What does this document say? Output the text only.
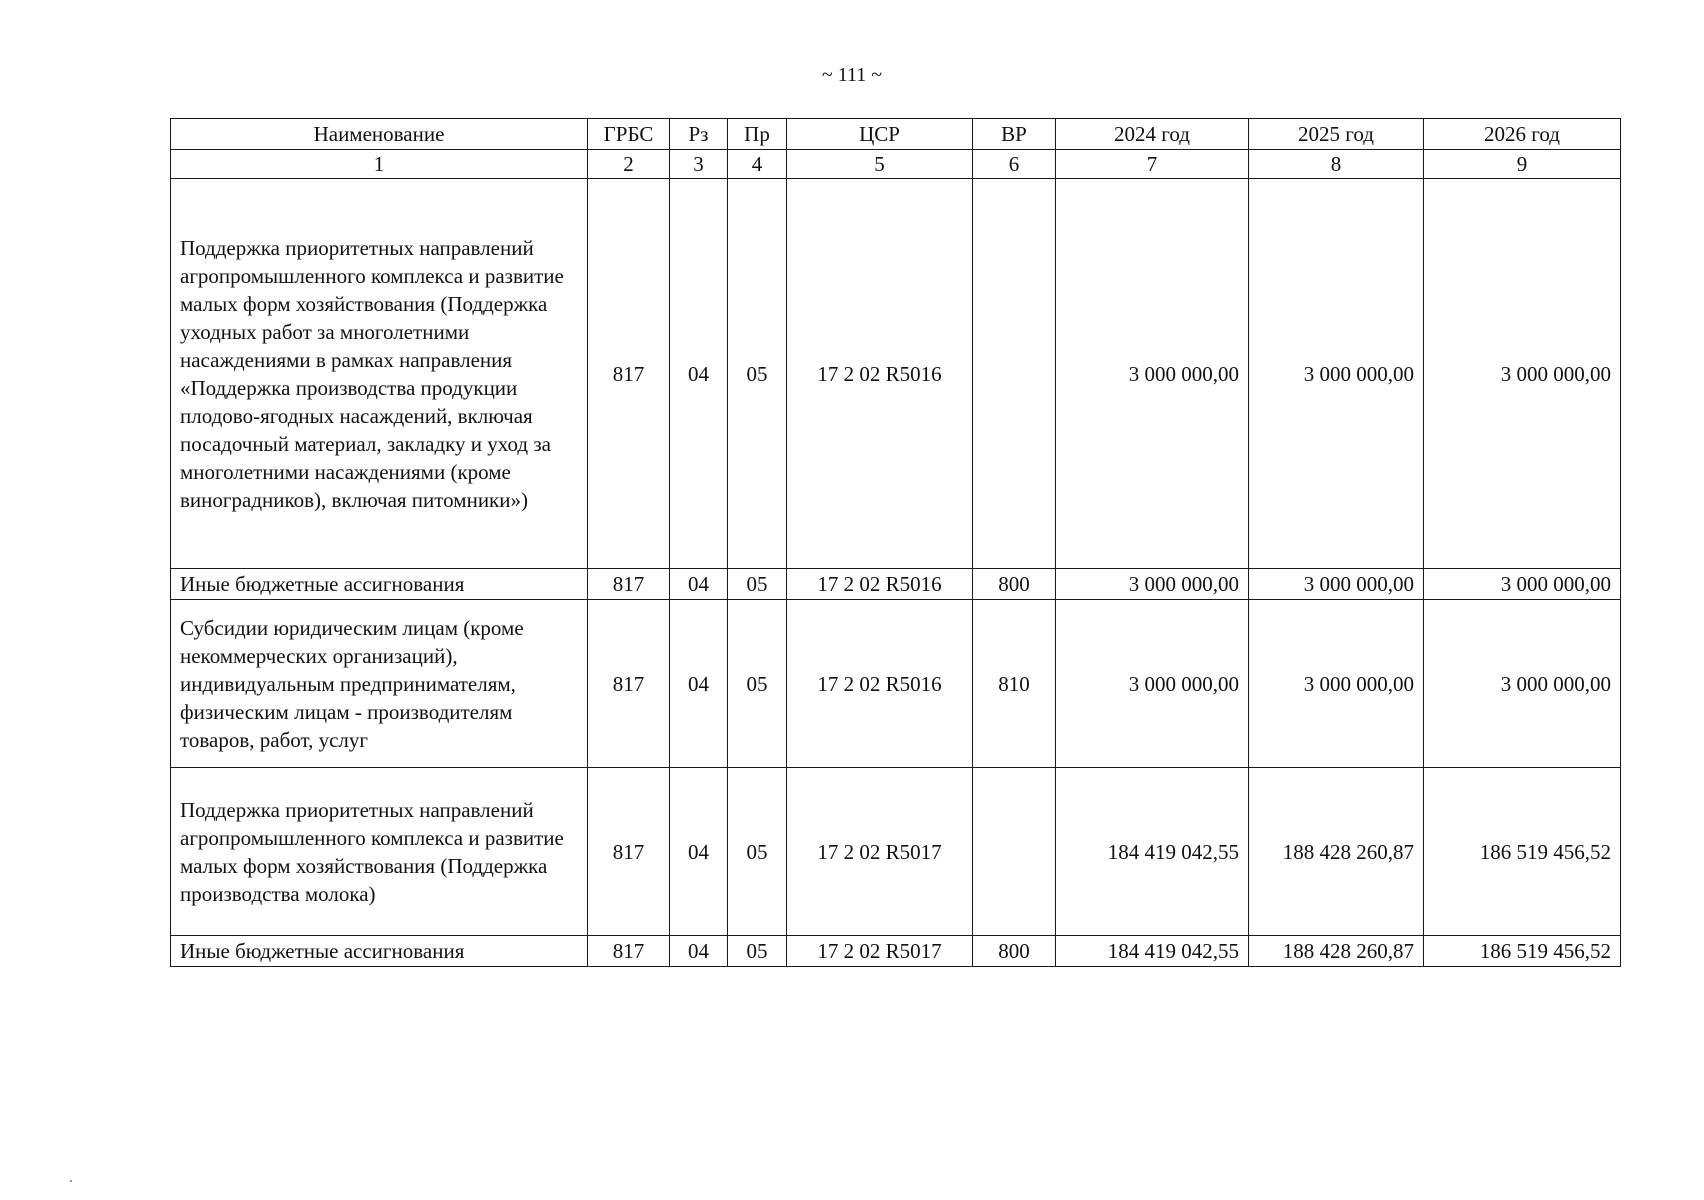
~ 111 ~
Наименование	ГРБС	Рз	Пр	ЦСР	ВР	2024 год	2025 год	2026 год
1	2	3	4	5	6	7	8	9
Поддержка приоритетных направлений агропромышленного комплекса и развитие малых форм хозяйствования (Поддержка уходных работ за многолетними насаждениями в рамках направления «Поддержка производства продукции плодово-ягодных насаждений, включая посадочный материал, закладку и уход за многолетними насаждениями (кроме виноградников), включая питомники»)	817	04	05	17 2 02 R5016		3 000 000,00	3 000 000,00	3 000 000,00
Иные бюджетные ассигнования	817	04	05	17 2 02 R5016	800	3 000 000,00	3 000 000,00	3 000 000,00
Субсидии юридическим лицам (кроме некоммерческих организаций), индивидуальным предпринимателям, физическим лицам - производителям товаров, работ, услуг	817	04	05	17 2 02 R5016	810	3 000 000,00	3 000 000,00	3 000 000,00
Поддержка приоритетных направлений агропромышленного комплекса и развитие малых форм хозяйствования (Поддержка производства молока)	817	04	05	17 2 02 R5017		184 419 042,55	188 428 260,87	186 519 456,52
Иные бюджетные ассигнования	817	04	05	17 2 02 R5017	800	184 419 042,55	188 428 260,87	186 519 456,52
